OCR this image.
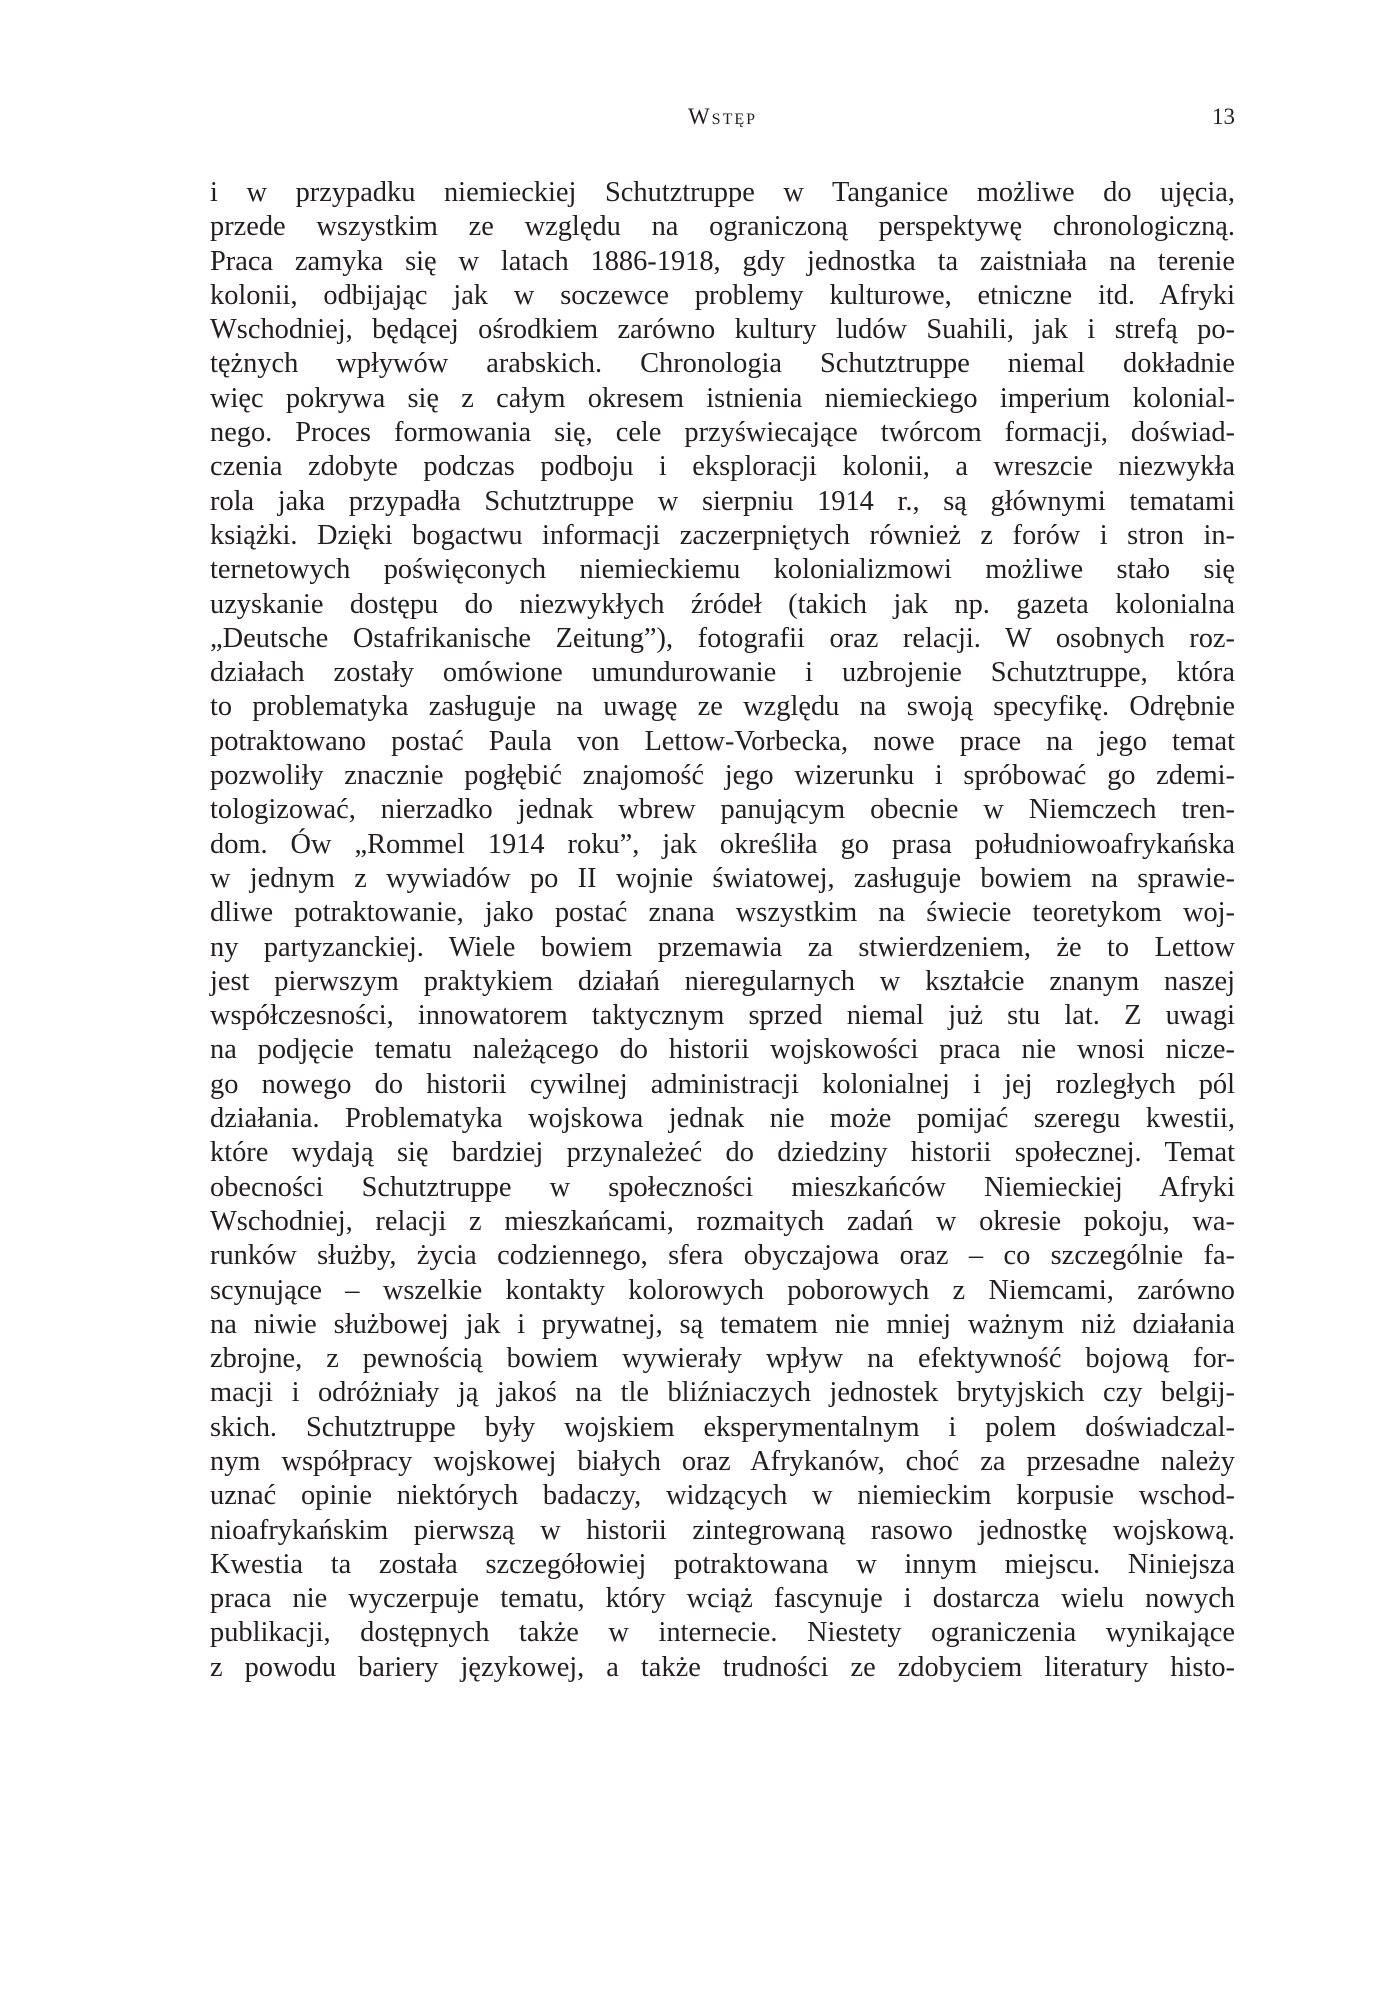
Wstęp	13
i w przypadku niemieckiej Schutztruppe w Tanganice możliwe do ujęcia,
przede wszystkim ze względu na ograniczoną perspektywę chronologiczną.
Praca zamyka się w latach 1886-1918, gdy jednostka ta zaistniała na terenie
kolonii, odbijając jak w soczewce problemy kulturowe, etniczne itd. Afryki
Wschodniej, będącej ośrodkiem zarówno kultury ludów Suahili, jak i strefą po-
tężnych wpływów arabskich. Chronologia Schutztruppe niemal dokładnie
więc pokrywa się z całym okresem istnienia niemieckiego imperium kolonial-
nego. Proces formowania się, cele przyświecające twórcom formacji, doświad-
czenia zdobyte podczas podboju i eksploracji kolonii, a wreszcie niezwykła
rola jaka przypadła Schutztruppe w sierpniu 1914 r., są głównymi tematami
książki. Dzięki bogactwu informacji zaczerpniętych również z forów i stron in-
ternetowych poświęconych niemieckiemu kolonializmowi możliwe stało się
uzyskanie dostępu do niezwykłych źródeł (takich jak np. gazeta kolonialna
„Deutsche Ostafrikanische Zeitung”), fotografii oraz relacji. W osobnych roz-
działach zostały omówione umundurowanie i uzbrojenie Schutztruppe, która
to problematyka zasługuje na uwagę ze względu na swoją specyfikę. Odrębnie
potraktowano postać Paula von Lettow-Vorbecka, nowe prace na jego temat
pozwoliły znacznie pogłębić znajomość jego wizerunku i spróbować go zdemi-
tologizować, nierzadko jednak wbrew panującym obecnie w Niemczech tren-
dom. Ów „Rommel 1914 roku”, jak określiła go prasa południowoafrykańska
w jednym z wywiadów po II wojnie światowej, zasługuje bowiem na sprawie-
dliwe potraktowanie, jako postać znana wszystkim na świecie teoretykom woj-
ny partyzanckiej. Wiele bowiem przemawia za stwierdzeniem, że to Lettow
jest pierwszym praktykiem działań nieregularnych w kształcie znanym naszej
współczesności, innowatorem taktycznym sprzed niemal już stu lat. Z uwagi
na podjęcie tematu należącego do historii wojskowości praca nie wnosi nicze-
go nowego do historii cywilnej administracji kolonialnej i jej rozległych pól
działania. Problematyka wojskowa jednak nie może pomijać szeregu kwestii,
które wydają się bardziej przynależeć do dziedziny historii społecznej. Temat
obecności Schutztruppe w społeczności mieszkańców Niemieckiej Afryki
Wschodniej, relacji z mieszkańcami, rozmaitych zadań w okresie pokoju, wa-
runków służby, życia codziennego, sfera obyczajowa oraz – co szczególnie fa-
scynujące – wszelkie kontakty kolorowych poborowych z Niemcami, zarówno
na niwie służbowej jak i prywatnej, są tematem nie mniej ważnym niż działania
zbrojne, z pewnością bowiem wywierały wpływ na efektywność bojową for-
macji i odróżniały ją jakoś na tle bliźniaczych jednostek brytyjskich czy belgij-
skich. Schutztruppe były wojskiem eksperymentalnym i polem doświadczal-
nym współpracy wojskowej białych oraz Afrykanów, choć za przesadne należy
uznać opinie niektórych badaczy, widzących w niemieckim korpusie wschod-
nioafrykańskim pierwszą w historii zintegrowaną rasowo jednostkę wojskową.
Kwestia ta została szczegółowiej potraktowana w innym miejscu. Niniejsza
praca nie wyczerpuje tematu, który wciąż fascynuje i dostarcza wielu nowych
publikacji, dostępnych także w internecie. Niestety ograniczenia wynikające
z powodu bariery językowej, a także trudności ze zdobyciem literatury histo-
